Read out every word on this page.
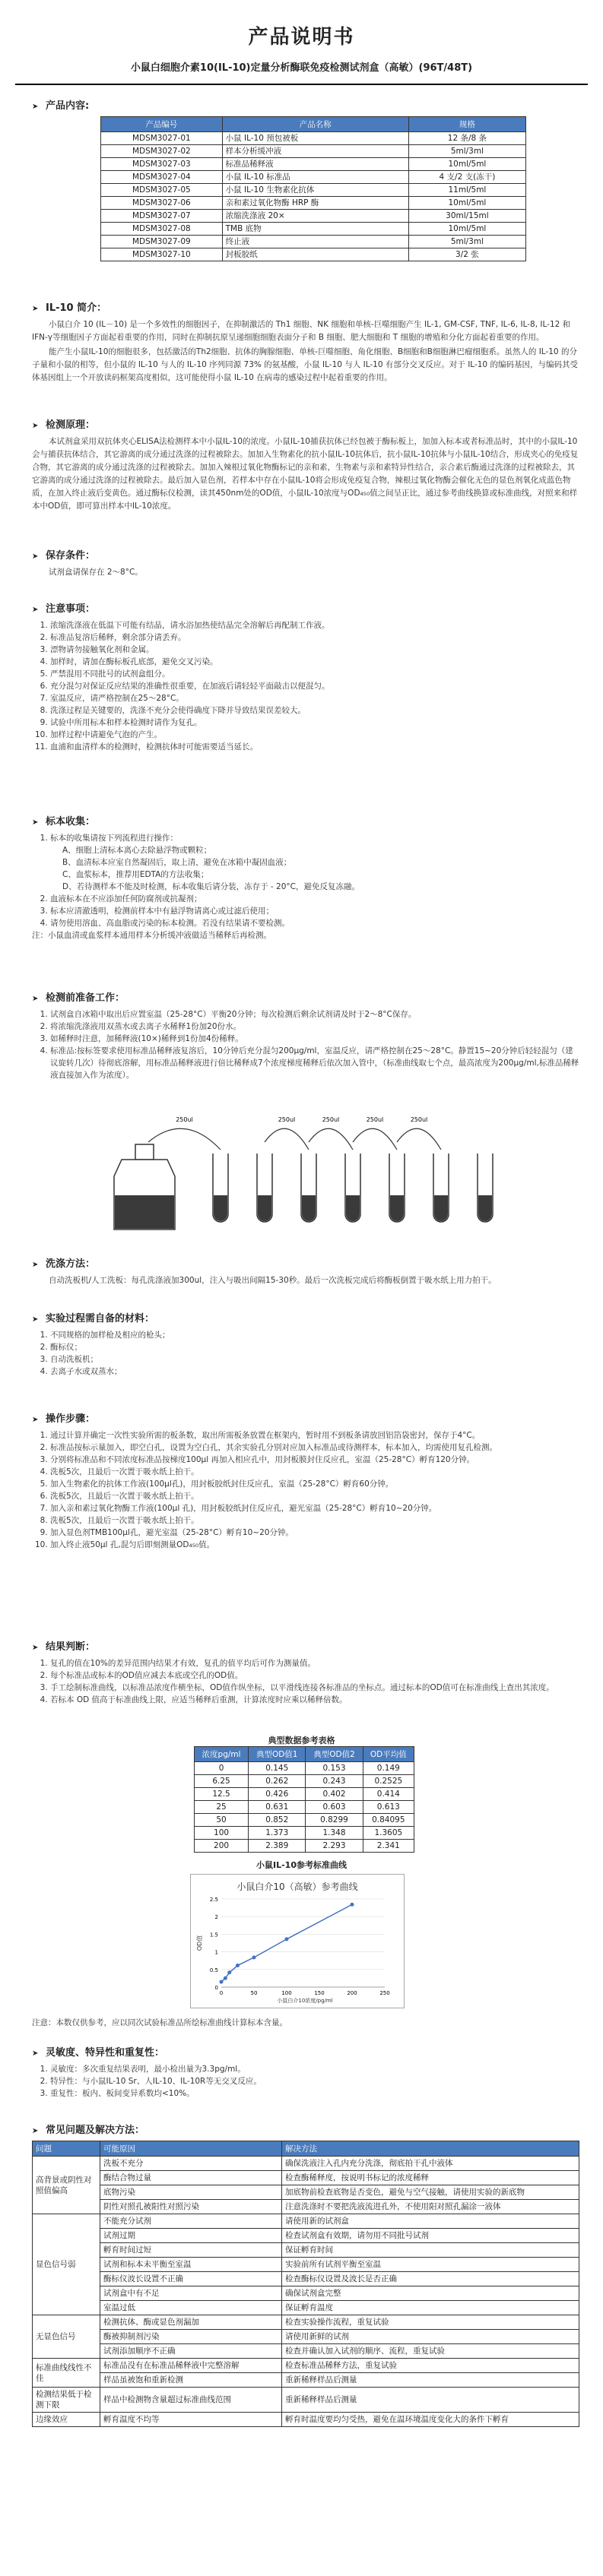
产品说明书
小鼠白细胞介素10(IL-10)定量分析酶联免疫检测试剂盒（高敏）(96T/48T)
➤ 产品内容:
产品编号	产品名称	规格
MDSM3027-01	小鼠 IL-10 预包被板	12 条/8 条
MDSM3027-02	样本分析缓冲液	5ml/3ml
MDSM3027-03	标准品稀释液	10ml/5ml
MDSM3027-04	小鼠 IL-10 标准品	4 支/2 支(冻干)
MDSM3027-05	小鼠 IL-10 生物素化抗体	11ml/5ml
MDSM3027-06	亲和素过氧化物酶 HRP 酶	10ml/5ml
MDSM3027-07	浓缩洗涤液 20×	30ml/15ml
MDSM3027-08	TMB 底物	10ml/5ml
MDSM3027-09	终止液	5ml/3ml
MDSM3027-10	封板胶纸	3/2 张
➤ IL-10 简介：

小鼠白介 10 (IL－10) 是一个多效性的细胞因子，在抑制激活的 Th1 细胞、NK 细胞和单核-巨噬细胞产生 IL-1, GM-CSF, TNF, IL-6, IL-8, IL-12 和 IFN-γ等细胞因子方面起着重要的作用，同时在抑制抗原呈递细胞细胞表面分子和 B 细胞、肥大细胞和 T 细胞的增殖和分化方面起着重要的作用。

能产生小鼠IL-10的细胞很多，包括激活的Th2细胞、抗体的胸腺细胞、单核-巨噬细胞、角化细胞、B细胞和B细胞淋巴瘤细胞系。虽然人的 IL-10 的分子量和小鼠的相等，但小鼠的 IL-10 与人的 IL-10 序列同源 73% 的氨基酸，小鼠 IL-10 与人 IL-10 有部分交叉反应。对于 IL-10 的编码基因，与编码其受体基因组上一个开放读码框架高度相似，这可能使得小鼠 IL-10 在病毒的感染过程中起着重要的作用。

➤ 检测原理：

本试剂盒采用双抗体夹心ELISA法检测样本中小鼠IL-10的浓度。小鼠IL-10捕获抗体已经包被于酶标板上，加加入标本或者标准品时，其中的小鼠IL-10会与捕获抗体结合，其它游离的成分通过洗涤的过程被除去。加加入生物素化的抗小鼠IL-10抗体后，抗小鼠IL-10抗体与小鼠IL-10结合，形成夹心的免疫复合物，其它游离的成分通过洗涤的过程被除去。加加入辣根过氧化物酶标记的亲和素，生物素与亲和素特异性结合，亲合素后酶通过洗涤的过程被除去，其它游离的成分通过洗涤的过程被除去。最后加入显色剂，若样本中存在小鼠IL-10将会形成免疫复合物，辣根过氧化物酶会催化无色的显色剂氧化成蓝色物质，在加入终止液后变黄色。通过酶标仪检测，读其450nm处的OD值，小鼠IL-10浓度与OD₄₅₀值之间呈正比，通过参考曲线换算或标准曲线，对照来和样本中OD值，即可算出样本中IL-10浓度。

➤ 保存条件：

试剂盒请保存在 2～8°C。

➤ 注意事项：
1. 浓缩洗涤液在低温下可能有结晶，请水浴加热使结晶完全溶解后再配制工作液。
2. 标准品复溶后稀释，剩余部分请丢弃。
3. 漂物请勿接触氧化剂和金属。
4. 加样时，请加在酶标板孔底部，避免交叉污染。
5. 严禁混用不同批号的试剂盒组分。
6. 充分混匀对保证反应结果的准确性很重要，在加液后请轻轻平面敲击以便混匀。
7. 室温反应，请严格控制在25～28°C。
8. 洗涤过程是关键要的，洗涤不充分会使得确度下降并导致结果误差较大。
9. 试验中所用标本和样本检测时请作为复孔。
10. 加样过程中请避免气泡的产生。
11. 血浦和血清样本的检测时，检测抗体时可能需要适当延长。
➤ 标本收集：
1. 标本的收集请按下列流程进行操作：
A、细胞上清标本离心去除悬浮物或颗粒；
B、血清标本应室自然凝固后，取上清，避免在冰箱中凝固血液；
C、血浆标本，推荐用EDTA的方法收集；
D、若待测样本不能及时检测，标本收集后请分装，冻存于 - 20°C，避免反复冻融。
2. 血液标本在不应添加任何防腐剂或抗凝剂；
3. 标本应清澈透明，检测前样本中有悬浮物请离心或过滤后使用；
4. 请勿使用溶血、高血脂或污染的标本检测。若没有结果请不要检测。
注：小鼠血清或血浆样本通用样本分析缓冲液做适当稀释后再检测。
➤ 检测前准备工作：
1. 试剂盒自冰箱中取出后应置室温（25-28°C）平衡20分钟；每次检测后剩余试剂请及时于2～8°C保存。
2. 将浓缩洗涤液用双蒸水或去离子水稀释1份加20份水。
3. 如稀释时注意，加稀释液(10×)稀释到1份加4份稀释。
4. 标准品:按标签要求使用标准品稀释液复溶后，10分钟后充分混匀200μg/ml，室温反应，请严格控制在25～28°C。静置15~20分钟后轻轻混匀（建议旋转几次）待彻底溶解，用标准品稀释液进行倍比稀释成7个浓度梯度稀释后依次加入管中，（标准曲线取七个点，最高浓度为200μg/ml,标准品稀释液直接加入作为浓度）。
250ul	250ul	250ul	250ul	250ul
➤ 洗涤方法：

自动洗板机/人工洗板：每孔洗涤液加300ul，注入与吸出间隔15-30秒。最后一次洗板完成后将酶板倒置于吸水纸上用力拍干。

➤ 实验过程需自备的材料：
1. 不同规格的加样枪及相应的枪头；
2. 酶标仪；
3. 自动洗板机；
4. 去离子水或双蒸水；
➤ 操作步骤：
1. 通过计算并确定一次性实验所需的板条数，取出所需板条放置在框架内，暂时用不到板条请放回铝箔袋密封，保存于4°C。
2. 标准品按标示量加入，即空白孔，设置为空白孔，其余实验孔分别对应加入标准品或待测样本，标本加入，均需使用复孔检测。
3. 分别将标准品和不同浓度标准品按梯度100μl 再加入相应孔中，用封板膜封住反应孔，室温（25-28°C）孵育120分钟。
4. 洗板5次，且最后一次置于吸水纸上拍干。
5. 加入生物素化的抗体工作液(100μl孔)，用封板胶纸封住反应孔，室温（25-28°C）孵育60分钟。
6. 洗板5次，且最后一次置于吸水纸上拍干。
7. 加入亲和素过氧化物酶工作液(100μl 孔)，用封板胶纸封住反应孔，避光室温（25-28°C）孵育10~20分钟。
8. 洗板5次，且最后一次置于吸水纸上拍干。
9. 加入显色剂TMB100μl孔，避光室温（25-28°C）孵育10~20分钟。
10. 加入终止液50μl 孔,混匀后即刻测量OD₄₅₀值。
➤ 结果判断：
1. 复孔的值在10%的差异范围内结果才有效，复孔的值平均后可作为测量值。
2. 每个标准品或标本的OD值应减去本底或空孔的OD值。
3. 手工绘制标准曲线，以标准品浓度作横坐标，OD值作纵坐标，以平滑线连接各标准品的坐标点。通过标本的OD值可在标准曲线上查出其浓度。
4. 若标本 OD 值高于标准曲线上限，应适当稀释后重测，计算浓度时应乘以稀释倍数。
典型数据参考表格
浓度pg/ml	典型OD值1	典型OD值2	OD平均值
0	0.145	0.153	0.149
6.25	0.262	0.243	0.2525
12.5	0.426	0.402	0.414
25	0.631	0.603	0.613
50	0.852	0.8299	0.84095
100	1.373	1.348	1.3605
200	2.389	2.293	2.341
小鼠IL-10参考标准曲线
小鼠白介10（高敏）参考曲线
OD值
小鼠白介10浓度/pg/ml
0
0.5
1
1.5
2
2.5
0	50	100	150	200	250
注意：本数仅供参考，应以同次试验标准品所绘标准曲线计算标本含量。
➤ 灵敏度、特异性和重复性：
1. 灵敏度：多次重复结果表明，最小检出量为3.3pg/ml。
2. 特异性：与小鼠IL-10 Sr、人IL-10、IL-10R等无交叉反应。
3. 重复性：板内、板间变异系数均<10%。
➤ 常见问题及解决方法：
问题	可能原因	解决方法
高背景或阴性对照值偏高	洗板不充分	确保洗液注入孔内充分洗涤，彻底拍干孔中液体
	酶结合物过量	检查酶稀释度，按说明书标记的浓度稀释
	底物污染	加底物前检查底物是否变色，避免与空气接触，请使用实验的新底物
	阴性对照孔被阳性对照污染	注意洗涤时不要把洗液流进孔外，不使用阳对照孔漏涂一液体
显色信号弱	不能充分试剂	请使用新的试剂盒
	试剂过期	检查试剂盒有效期，请勿用不同批号试剂
	孵育时间过短	保证孵育时间
	试剂和标本未平衡至室温	实验前所有试剂平衡至室温
	酶标仪波长设置不正确	检查酶标仪设置及波长是否正确
	试剂盒中有不足	确保试剂盒完整
	室温过低	保证孵育温度
无显色信号	检测抗体、酶或显色剂漏加	检查实验操作流程，重复试验
	酶被抑制剂污染	请使用新鲜的试剂
	试剂添加顺序不正确	检查并确认加入试剂的顺序、流程，重复试验
标准曲线线性不佳	标准品没有在标准品稀释液中完整溶解	检查标准品稀释方法，重复试验
	样品虽被饱和重新检测	重新稀释样品后测量
检测结果低于检测下限	样品中检测物含量超过标准曲线范围	重新稀释样品后测量
边缘效应	孵育温度不均等	孵育时温度要均匀受热，避免在温环境温度变化大的条件下孵育
